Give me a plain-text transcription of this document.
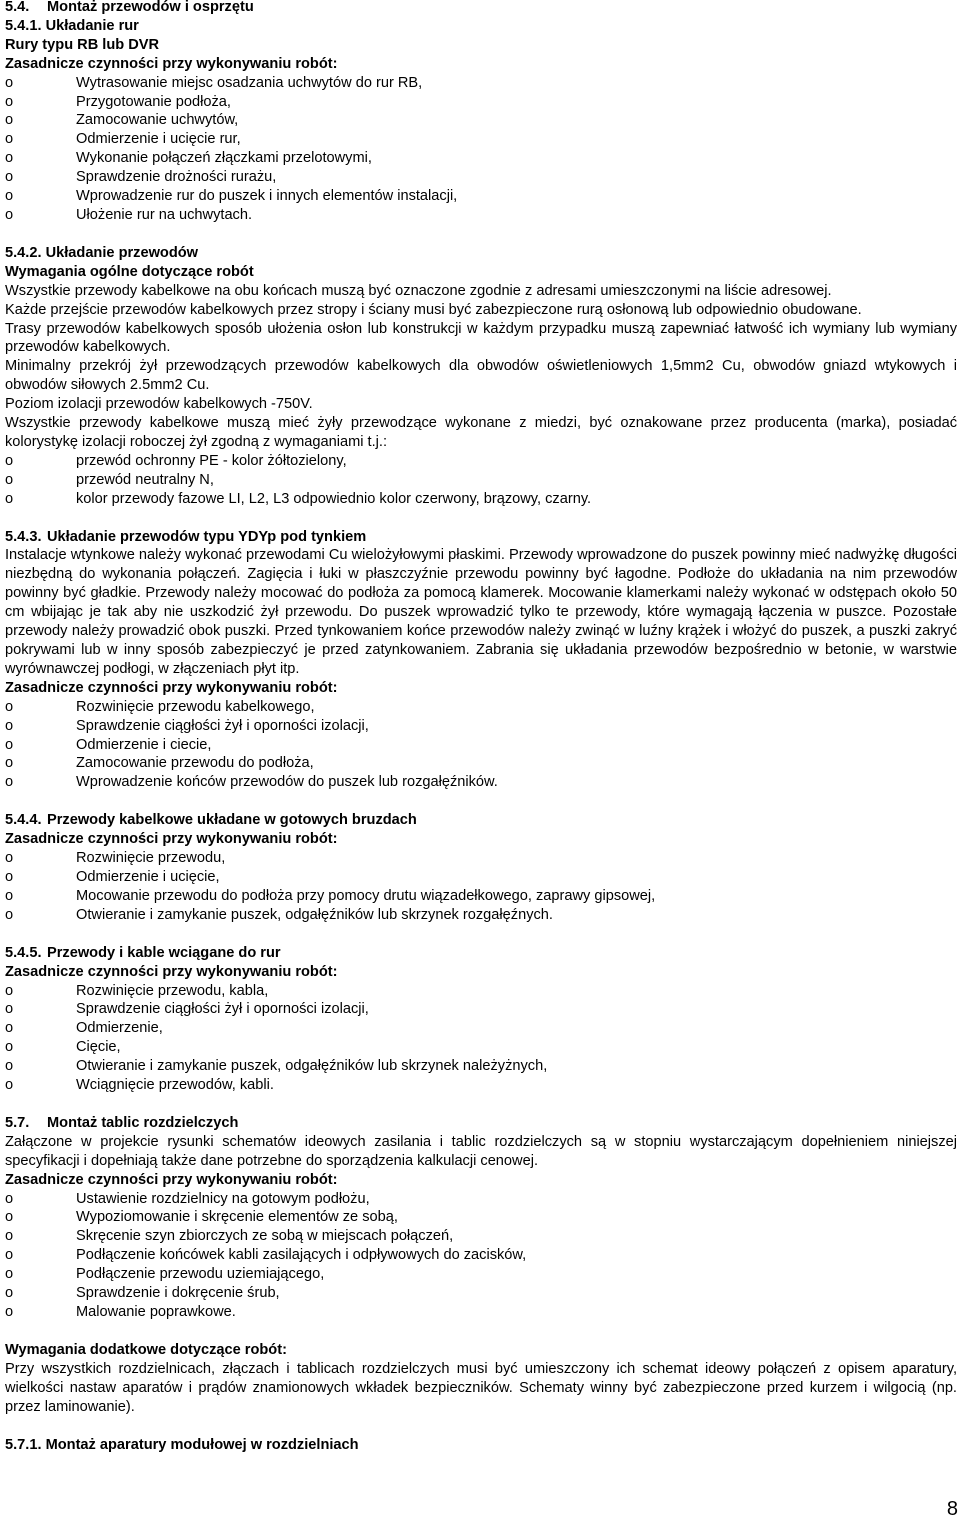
5.4. Montaż przewodów i osprzętu

5.4.1. Układanie rur

Rury typu RB lub DVR

Zasadnicze czynności przy wykonywaniu robót:

o	Wytrasowanie miejsc osadzania uchwytów do rur RB,
o	Przygotowanie podłoża,
o	Zamocowanie uchwytów,
o	Odmierzenie i ucięcie rur,
o	Wykonanie połączeń złączkami przelotowymi,
o	Sprawdzenie drożności rurażu,
o	Wprowadzenie rur do puszek i innych elementów instalacji,
o	Ułożenie rur na uchwytach.

5.4.2. Układanie przewodów

Wymagania ogólne dotyczące robót

Wszystkie przewody kabelkowe na obu końcach muszą być oznaczone zgodnie z adresami umieszczonymi na liście adresowej.

Każde przejście przewodów kabelkowych przez stropy i ściany musi być zabezpieczone rurą osłonową lub odpowiednio obudowane.

Trasy przewodów kabelkowych sposób ułożenia osłon lub konstrukcji w każdym przypadku muszą zapewniać łatwość ich wymiany lub wymiany przewodów kabelkowych.

Minimalny przekrój żył przewodzących przewodów kabelkowych dla obwodów oświetleniowych 1,5mm2 Cu, obwodów gniazd wtykowych i obwodów siłowych 2.5mm2 Cu.

Poziom izolacji przewodów kabelkowych -750V.

Wszystkie przewody kabelkowe muszą mieć żyły przewodzące wykonane z miedzi, być oznakowane przez producenta (marka), posiadać kolorystykę izolacji roboczej żył zgodną z wymaganiami t.j.:

o	przewód ochronny PE - kolor żółtozielony,
o	przewód neutralny N,
o	kolor przewody fazowe LI, L2, L3 odpowiednio kolor czerwony, brązowy, czarny.

5.4.3. Układanie przewodów typu YDYp pod tynkiem

Instalacje wtynkowe należy wykonać przewodami Cu wielożyłowymi płaskimi. Przewody wprowadzone do puszek powinny mieć nadwyżkę długości niezbędną do wykonania połączeń. Zagięcia i łuki w płaszczyźnie przewodu powinny być łagodne. Podłoże do układania na nim przewodów powinny być gładkie. Przewody należy mocować do podłoża za pomocą klamerek. Mocowanie klamerkami należy wykonać w odstępach około 50 cm wbijając je tak aby nie uszkodzić żył przewodu. Do puszek wprowadzić tylko te przewody, które wymagają łączenia w puszce. Pozostałe przewody należy prowadzić obok puszki. Przed tynkowaniem końce przewodów należy zwinąć w luźny krążek i włożyć do puszek, a puszki zakryć pokrywami lub w inny sposób zabezpieczyć je przed zatynkowaniem. Zabrania się układania przewodów bezpośrednio w betonie, w warstwie wyrównawczej podłogi, w złączeniach płyt itp.

Zasadnicze czynności przy wykonywaniu robót:

o	Rozwinięcie przewodu kabelkowego,
o	Sprawdzenie ciągłości żył i oporności izolacji,
o	Odmierzenie i ciecie,
o	Zamocowanie przewodu do podłoża,
o	Wprowadzenie końców przewodów do puszek lub rozgałęźników.

5.4.4. Przewody kabelkowe układane w gotowych bruzdach

Zasadnicze czynności przy wykonywaniu robót:

o	Rozwinięcie przewodu,
o	Odmierzenie i ucięcie,
o	Mocowanie przewodu do podłoża przy pomocy drutu wiązadełkowego, zaprawy gipsowej,
o	Otwieranie i zamykanie puszek, odgałęźników lub skrzynek rozgałęźnych.

5.4.5. Przewody i kable wciągane do rur

Zasadnicze czynności przy wykonywaniu robót:

o	Rozwinięcie przewodu, kabla,
o	Sprawdzenie ciągłości żył i oporności izolacji,
o	Odmierzenie,
o	Cięcie,
o	Otwieranie i zamykanie puszek, odgałęźników lub skrzynek należyżnych,
o	Wciągnięcie przewodów, kabli.

5.7. Montaż tablic rozdzielczych

Załączone w projekcie rysunki schematów ideowych zasilania i tablic rozdzielczych są w stopniu wystarczającym dopełnieniem niniejszej specyfikacji i dopełniają także dane potrzebne do sporządzenia kalkulacji cenowej.

Zasadnicze czynności przy wykonywaniu robót:

o	Ustawienie rozdzielnicy na gotowym podłożu,
o	Wypoziomowanie i skręcenie elementów ze sobą,
o	Skręcenie szyn zbiorczych ze sobą w miejscach połączeń,
o	Podłączenie końcówek kabli zasilających i odpływowych do zacisków,
o	Podłączenie przewodu uziemiającego,
o	Sprawdzenie i dokręcenie śrub,
o	Malowanie poprawkowe.

Wymagania dodatkowe dotyczące robót:

Przy wszystkich rozdzielnicach, złączach i tablicach rozdzielczych musi być umieszczony ich schemat ideowy połączeń z opisem aparatury, wielkości nastaw aparatów i prądów znamionowych wkładek bezpieczników. Schematy winny być zabezpieczone przed kurzem i wilgocią (np. przez laminowanie).

5.7.1. Montaż aparatury modułowej w rozdzielniach

8
